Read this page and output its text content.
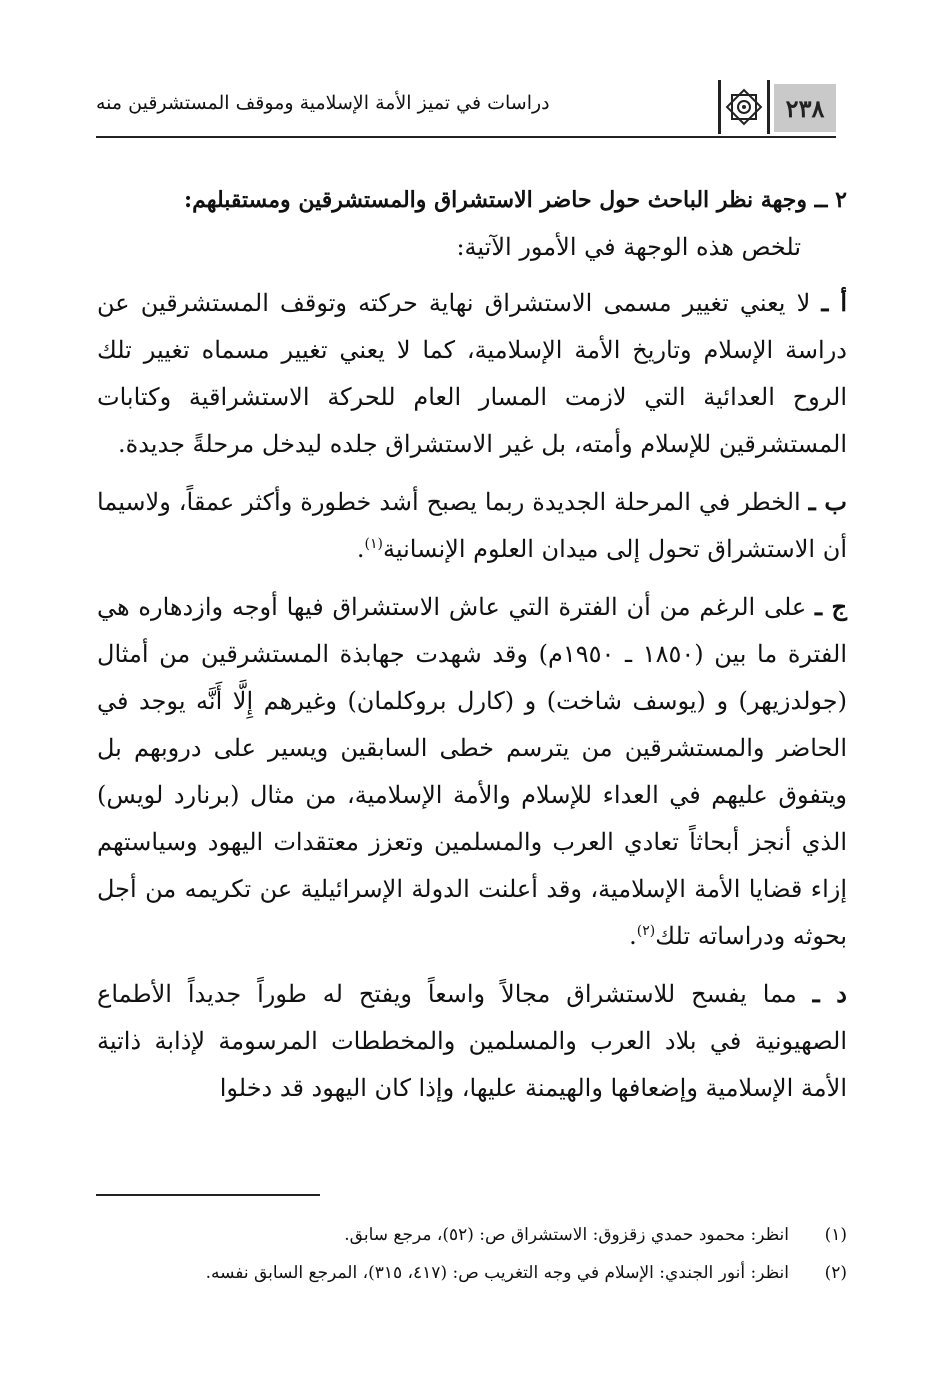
٢٣٨
دراسات في تميز الأمة الإسلامية وموقف المستشرقين منه
٢ ــ وجهة نظر الباحث حول حاضر الاستشراق والمستشرقين ومستقبلهم:
تلخص هذه الوجهة في الأمور الآتية:

أ ـ لا يعني تغيير مسمى الاستشراق نهاية حركته وتوقف المستشرقين عن دراسة الإسلام وتاريخ الأمة الإسلامية، كما لا يعني تغيير مسماه تغيير تلك الروح العدائية التي لازمت المسار العام للحركة الاستشراقية وكتابات المستشرقين للإسلام وأمته، بل غير الاستشراق جلده ليدخل مرحلةً جديدة.

ب ـ الخطر في المرحلة الجديدة ربما يصبح أشد خطورة وأكثر عمقاً، ولاسيما أن الاستشراق تحول إلى ميدان العلوم الإنسانية$^{(١)}$.

ج ـ على الرغم من أن الفترة التي عاش الاستشراق فيها أوجه وازدهاره هي الفترة ما بين (١٨٥٠ ـ ١٩٥٠م) وقد شهدت جهابذة المستشرقين من أمثال (جولدزيهر) و (يوسف شاخت) و (كارل بروكلمان) وغيرهم إِلَّا أَنَّه يوجد في الحاضر والمستشرقين من يترسم خطى السابقين ويسير على دروبهم بل ويتفوق عليهم في العداء للإسلام والأمة الإسلامية، من مثال (برنارد لويس) الذي أنجز أبحاثاً تعادي العرب والمسلمين وتعزز معتقدات اليهود وسياستهم إزاء قضايا الأمة الإسلامية، وقد أعلنت الدولة الإسرائيلية عن تكريمه من أجل بحوثه ودراساته تلك$^{(٢)}$.

د ـ مما يفسح للاستشراق مجالاً واسعاً ويفتح له طوراً جديداً الأطماع الصهيونية في بلاد العرب والمسلمين والمخططات المرسومة لإذابة ذاتية الأمة الإسلامية وإضعافها والهيمنة عليها، وإذا كان اليهود قد دخلوا

(١)
انظر: محمود حمدي زقزوق: الاستشراق ص: (٥٢)، مرجع سابق.
(٢)
انظر: أنور الجندي: الإسلام في وجه التغريب ص: (٤١٧، ٣١٥)، المرجع السابق نفسه.
